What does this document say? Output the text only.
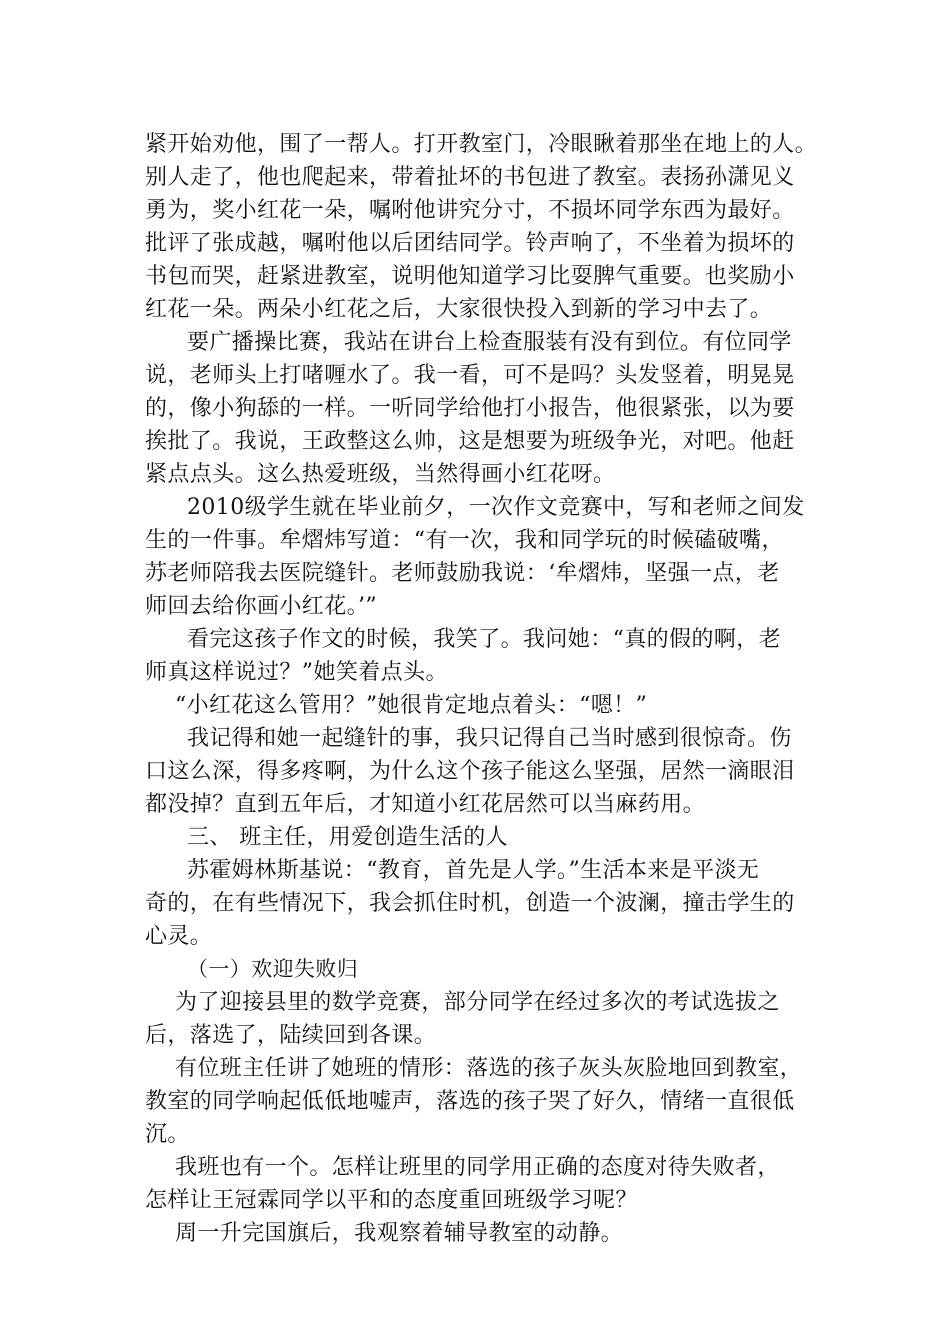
紧开始劝他，围了一帮人。打开教室门，冷眼瞅着那坐在地上的人。
别人走了，他也爬起来，带着扯坏的书包进了教室。表扬孙潇见义
勇为，奖小红花一朵，嘱咐他讲究分寸，不损坏同学东西为最好。
批评了张成越，嘱咐他以后团结同学。铃声响了，不坐着为损坏的
书包而哭，赶紧进教室，说明他知道学习比耍脾气重要。也奖励小
红花一朵。两朵小红花之后，大家很快投入到新的学习中去了。
要广播操比赛，我站在讲台上检查服装有没有到位。有位同学
说，老师头上打啫喱水了。我一看，可不是吗？头发竖着，明晃晃
的，像小狗舔的一样。一听同学给他打小报告，他很紧张，以为要
挨批了。我说，王政整这么帅，这是想要为班级争光，对吧。他赶
紧点点头。这么热爱班级，当然得画小红花呀。
2010级学生就在毕业前夕，一次作文竞赛中，写和老师之间发
生的一件事。牟熠炜写道：“有一次，我和同学玩的时候磕破嘴，
苏老师陪我去医院缝针。老师鼓励我说：‘牟熠炜，坚强一点，老
师回去给你画小红花。’”
看完这孩子作文的时候，我笑了。我问她：“真的假的啊，老
师真这样说过？”她笑着点头。
“小红花这么管用？”她很肯定地点着头：“嗯！”
我记得和她一起缝针的事，我只记得自己当时感到很惊奇。伤
口这么深，得多疼啊，为什么这个孩子能这么坚强，居然一滴眼泪
都没掉？直到五年后，才知道小红花居然可以当麻药用。
三、 班主任，用爱创造生活的人
苏霍姆林斯基说：“教育，首先是人学。”生活本来是平淡无
奇的，在有些情况下，我会抓住时机，创造一个波澜，撞击学生的
心灵。
（一）欢迎失败归
为了迎接县里的数学竞赛，部分同学在经过多次的考试选拔之
后，落选了，陆续回到各课。
有位班主任讲了她班的情形：落选的孩子灰头灰脸地回到教室，
教室的同学响起低低地嘘声，落选的孩子哭了好久，情绪一直很低
沉。
我班也有一个。怎样让班里的同学用正确的态度对待失败者，
怎样让王冠霖同学以平和的态度重回班级学习呢？
周一升完国旗后，我观察着辅导教室的动静。
